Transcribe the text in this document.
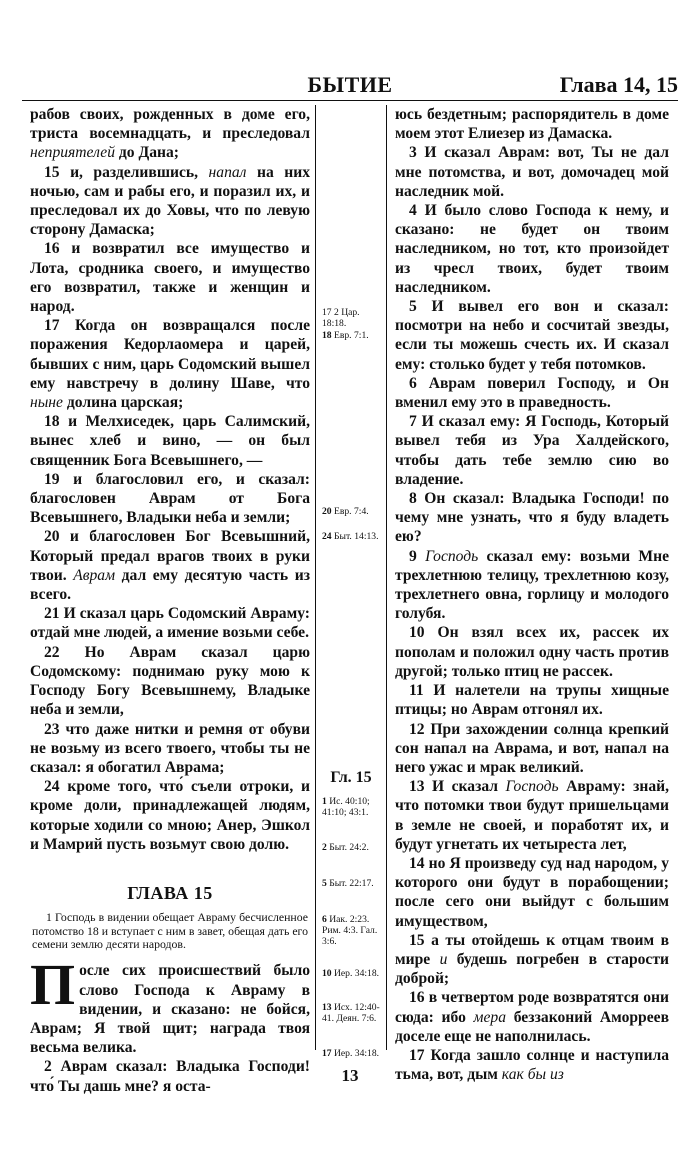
БЫТИЕ	Глава 14, 15

рабов своих, рожденных в доме его, триста восемнадцать, и преследовал неприятелей до Дана;

15 и, разделившись, напал на них ночью, сам и рабы его, и поразил их, и преследовал их до Ховы, что по левую сторону Дамаска;

16 и возвратил все имущество и Лота, сродника своего, и имущество его возвратил, также и женщин и народ.

17 Когда он возвращался после поражения Кедорлаомера и царей, бывших с ним, царь Содомский вышел ему навстречу в долину Шаве, что ныне долина царская;

18 и Мелхиседек, царь Салимский, вынес хлеб и вино, — он был священник Бога Всевышнего, —

19 и благословил его, и сказал: благословен Аврам от Бога Всевышнего, Владыки неба и земли;

20 и благословен Бог Всевышний, Который предал врагов твоих в руки твои. Аврам дал ему десятую часть из всего.

21 И сказал царь Содомский Авраму: отдай мне людей, а имение возьми себе.

22 Но Аврам сказал царю Содомскому: поднимаю руку мою к Господу Богу Всевышнему, Владыке неба и земли,

23 что даже нитки и ремня от обуви не возьму из всего твоего, чтобы ты не сказал: я обогатил Аврама;

24 кроме того, что́ съели отроки, и кроме доли, принадлежащей людям, которые ходили со мною; Анер, Эшкол и Мамрий пусть возьмут свою долю.

ГЛАВА 15

1 Господь в видении обещает Авраму бесчисленное потомство 18 и вступает с ним в завет, обещая дать его семени землю десяти народов.

После сих происшествий было слово Господа к Авраму в видении, и сказано: не бойся, Аврам; Я твой щит; награда твоя весьма велика.

2 Аврам сказал: Владыка Господи! что́ Ты дашь мне? я оста-

17 2 Цар. 18:18.
18 Евр. 7:1.
20 Евр. 7:4.
24 Быт. 14:13.
Гл. 15
1 Ис. 40:10; 41:10; 43:1.
2 Быт. 24:2.
5 Быт. 22:17.
6 Иак. 2:23. Рим. 4:3. Гал. 3:6.
10 Иер. 34:18.
13 Исх. 12:40-41. Деян. 7:6.
17 Иер. 34:18.

юсь бездетным; распорядитель в доме моем этот Елиезер из Дамаска.

3 И сказал Аврам: вот, Ты не дал мне потомства, и вот, домочадец мой наследник мой.

4 И было слово Господа к нему, и сказано: не будет он твоим наследником, но тот, кто произойдет из чресл твоих, будет твоим наследником.

5 И вывел его вон и сказал: посмотри на небо и сосчитай звезды, если ты можешь счесть их. И сказал ему: столько будет у тебя потомков.

6 Аврам поверил Господу, и Он вменил ему это в праведность.

7 И сказал ему: Я Господь, Который вывел тебя из Ура Халдейского, чтобы дать тебе землю сию во владение.

8 Он сказал: Владыка Господи! по чему мне узнать, что я буду владеть ею?

9 Господь сказал ему: возьми Мне трехлетнюю телицу, трехлетнюю козу, трехлетнего овна, горлицу и молодого голубя.

10 Он взял всех их, рассек их пополам и положил одну часть против другой; только птиц не рассек.

11 И налетели на трупы хищные птицы; но Аврам отгонял их.

12 При захождении солнца крепкий сон напал на Аврама, и вот, напал на него ужас и мрак великий.

13 И сказал Господь Авраму: знай, что потомки твои будут пришельцами в земле не своей, и поработят их, и будут угнетать их четыреста лет,

14 но Я произведу суд над народом, у которого они будут в порабощении; после сего они выйдут с большим имуществом,

15 а ты отойдешь к отцам твоим в мире и будешь погребен в старости доброй;

16 в четвертом роде возвратятся они сюда: ибо мера беззаконий Аморреев доселе еще не наполнилась.

17 Когда зашло солнце и наступила тьма, вот, дым как бы из

13
